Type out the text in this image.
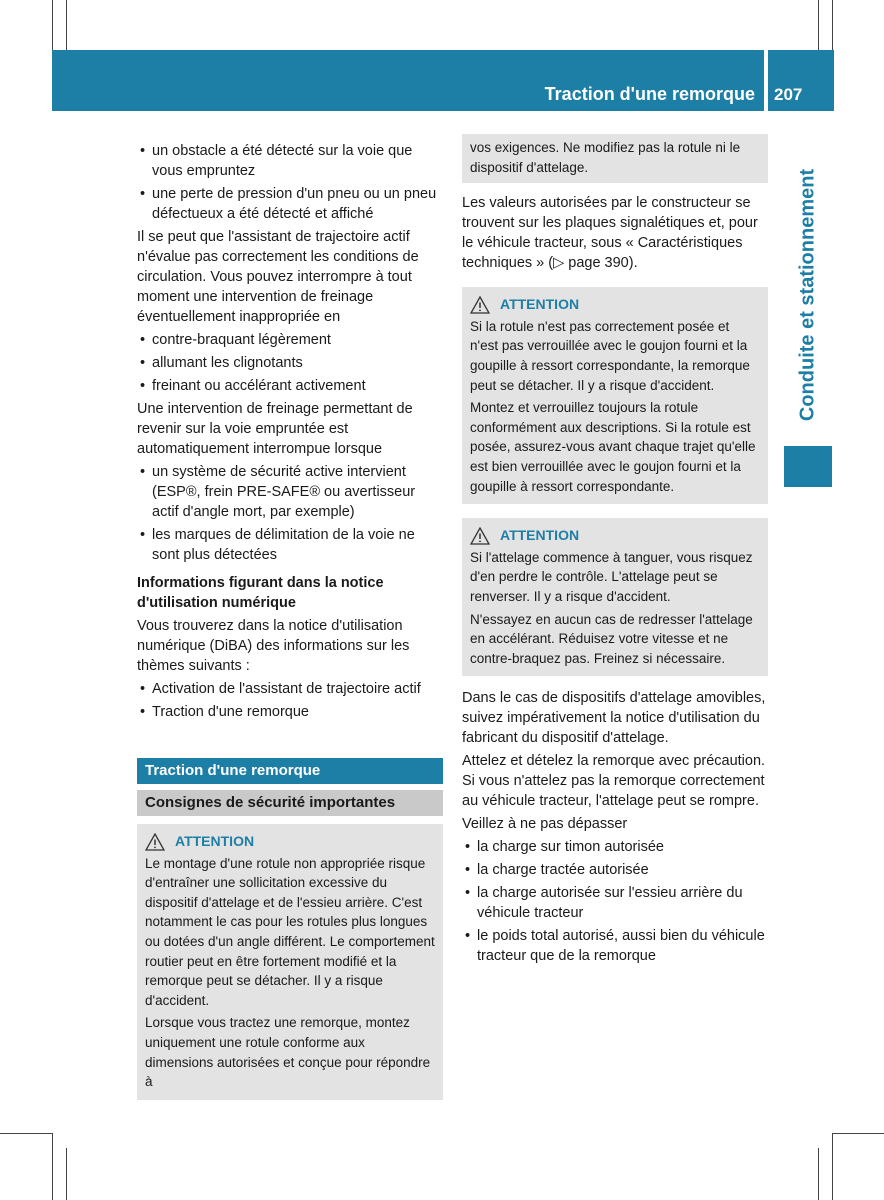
Traction d'une remorque 207
Conduite et stationnement
• un obstacle a été détecté sur la voie que vous empruntez
• une perte de pression d'un pneu ou un pneu défectueux a été détecté et affiché

Il se peut que l'assistant de trajectoire actif n'évalue pas correctement les conditions de circulation. Vous pouvez interrompre à tout moment une intervention de freinage éventuellement inappropriée en

• contre-braquant légèrement
• allumant les clignotants
• freinant ou accélérant activement

Une intervention de freinage permettant de revenir sur la voie empruntée est automatiquement interrompue lorsque

• un système de sécurité active intervient (ESP®, frein PRE-SAFE® ou avertisseur actif d'angle mort, par exemple)
• les marques de délimitation de la voie ne sont plus détectées
Informations figurant dans la notice d'utilisation numérique

Vous trouverez dans la notice d'utilisation numérique (DiBA) des informations sur les thèmes suivants :

• Activation de l'assistant de trajectoire actif
• Traction d'une remorque
Traction d'une remorque
Consignes de sécurité importantes
ATTENTION

Le montage d'une rotule non appropriée risque d'entraîner une sollicitation excessive du dispositif d'attelage et de l'essieu arrière. C'est notamment le cas pour les rotules plus longues ou dotées d'un angle différent. Le comportement routier peut en être fortement modifié et la remorque peut se détacher. Il y a risque d'accident.

Lorsque vous tractez une remorque, montez uniquement une rotule conforme aux dimensions autorisées et conçue pour répondre à

vos exigences. Ne modifiez pas la rotule ni le dispositif d'attelage.

Les valeurs autorisées par le constructeur se trouvent sur les plaques signalétiques et, pour le véhicule tracteur, sous « Caractéristiques techniques » (▷ page 390).

ATTENTION

Si la rotule n'est pas correctement posée et n'est pas verrouillée avec le goujon fourni et la goupille à ressort correspondante, la remorque peut se détacher. Il y a risque d'accident.

Montez et verrouillez toujours la rotule conformément aux descriptions. Si la rotule est posée, assurez-vous avant chaque trajet qu'elle est bien verrouillée avec le goujon fourni et la goupille à ressort correspondante.

ATTENTION

Si l'attelage commence à tanguer, vous risquez d'en perdre le contrôle. L'attelage peut se renverser. Il y a risque d'accident.

N'essayez en aucun cas de redresser l'attelage en accélérant. Réduisez votre vitesse et ne contre-braquez pas. Freinez si nécessaire.

Dans le cas de dispositifs d'attelage amovibles, suivez impérativement la notice d'utilisation du fabricant du dispositif d'attelage.

Attelez et dételez la remorque avec précaution. Si vous n'attelez pas la remorque correctement au véhicule tracteur, l'attelage peut se rompre.

Veillez à ne pas dépasser

• la charge sur timon autorisée
• la charge tractée autorisée
• la charge autorisée sur l'essieu arrière du véhicule tracteur
• le poids total autorisé, aussi bien du véhicule tracteur que de la remorque
